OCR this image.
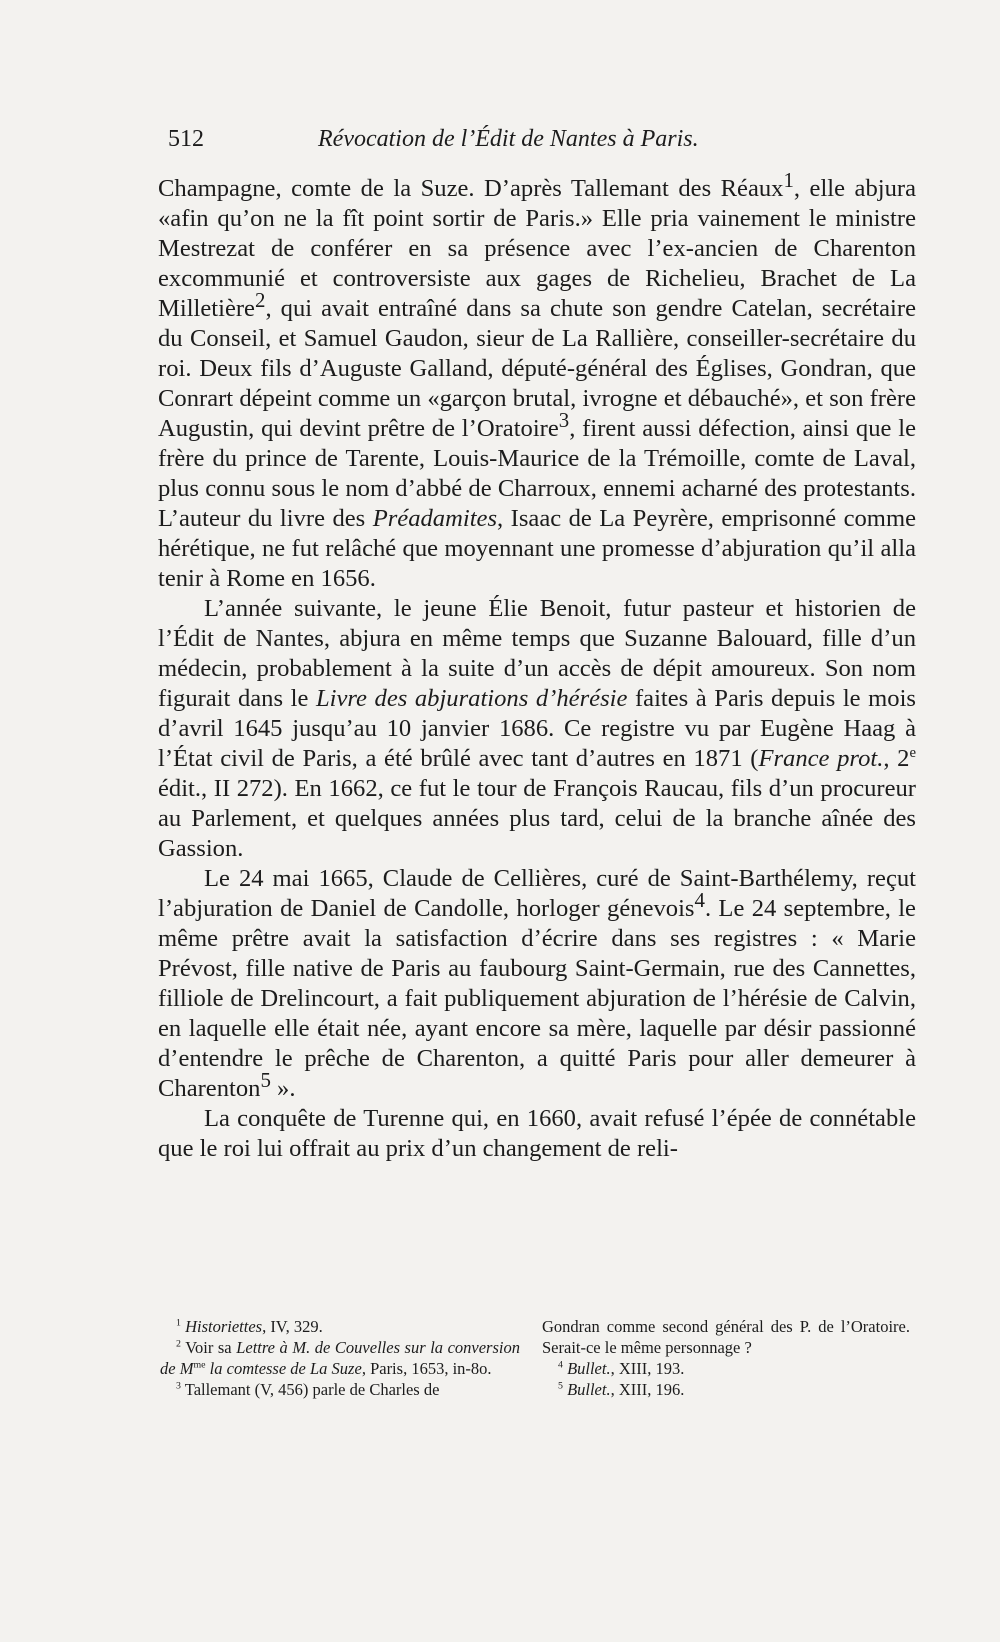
512	Révocation de l’Édit de Nantes à Paris.

Champagne, comte de la Suze. D’après Tallemant des Réaux$^1$, elle abjura «afin qu’on ne la fît point sortir de Paris.» Elle pria vainement le ministre Mestrezat de conférer en sa présence avec l’ex-ancien de Charenton excommunié et controversiste aux gages de Richelieu, Brachet de La Milletière$^2$, qui avait entraîné dans sa chute son gendre Catelan, secrétaire du Conseil, et Samuel Gaudon, sieur de La Rallière, conseiller-secrétaire du roi. Deux fils d’Auguste Galland, député-général des Églises, Gondran, que Conrart dépeint comme un «garçon brutal, ivrogne et débauché», et son frère Augustin, qui devint prêtre de l’Oratoire$^3$, firent aussi défection, ainsi que le frère du prince de Tarente, Louis-Maurice de la Trémoille, comte de Laval, plus connu sous le nom d’abbé de Charroux, ennemi acharné des protestants. L’auteur du livre des Préadamites, Isaac de La Peyrère, emprisonné comme hérétique, ne fut relâché que moyennant une promesse d’abjuration qu’il alla tenir à Rome en 1656.

L’année suivante, le jeune Élie Benoit, futur pasteur et historien de l’Édit de Nantes, abjura en même temps que Suzanne Balouard, fille d’un médecin, probablement à la suite d’un accès de dépit amoureux. Son nom figurait dans le Livre des abjurations d’hérésie faites à Paris depuis le mois d’avril 1645 jusqu’au 10 janvier 1686. Ce registre vu par Eugène Haag à l’État civil de Paris, a été brûlé avec tant d’autres en 1871 (France prot., 2e édit., II 272). En 1662, ce fut le tour de François Raucau, fils d’un procureur au Parlement, et quelques années plus tard, celui de la branche aînée des Gassion.

Le 24 mai 1665, Claude de Cellières, curé de Saint-Barthélemy, reçut l’abjuration de Daniel de Candolle, horloger génevois$^4$. Le 24 septembre, le même prêtre avait la satisfaction d’écrire dans ses registres : « Marie Prévost, fille native de Paris au faubourg Saint-Germain, rue des Cannettes, filliole de Drelincourt, a fait publiquement abjuration de l’hérésie de Calvin, en laquelle elle était née, ayant encore sa mère, laquelle par désir passionné d’entendre le prêche de Charenton, a quitté Paris pour aller demeurer à Charenton$^5$ ».

La conquête de Turenne qui, en 1660, avait refusé l’épée de connétable que le roi lui offrait au prix d’un changement de reli-

$^1$ Historiettes, IV, 329.

$^2$ Voir sa Lettre à M. de Couvelles sur la conversion de $M^{me}$ la comtesse de La Suze, Paris, 1653, in-8o.

$^3$ Tallemant (V, 456) parle de Charles de

Gondran comme second général des P. de l’Oratoire. Serait-ce le même personnage ?

$^4$ Bullet., XIII, 193.

$^5$ Bullet., XIII, 196.
